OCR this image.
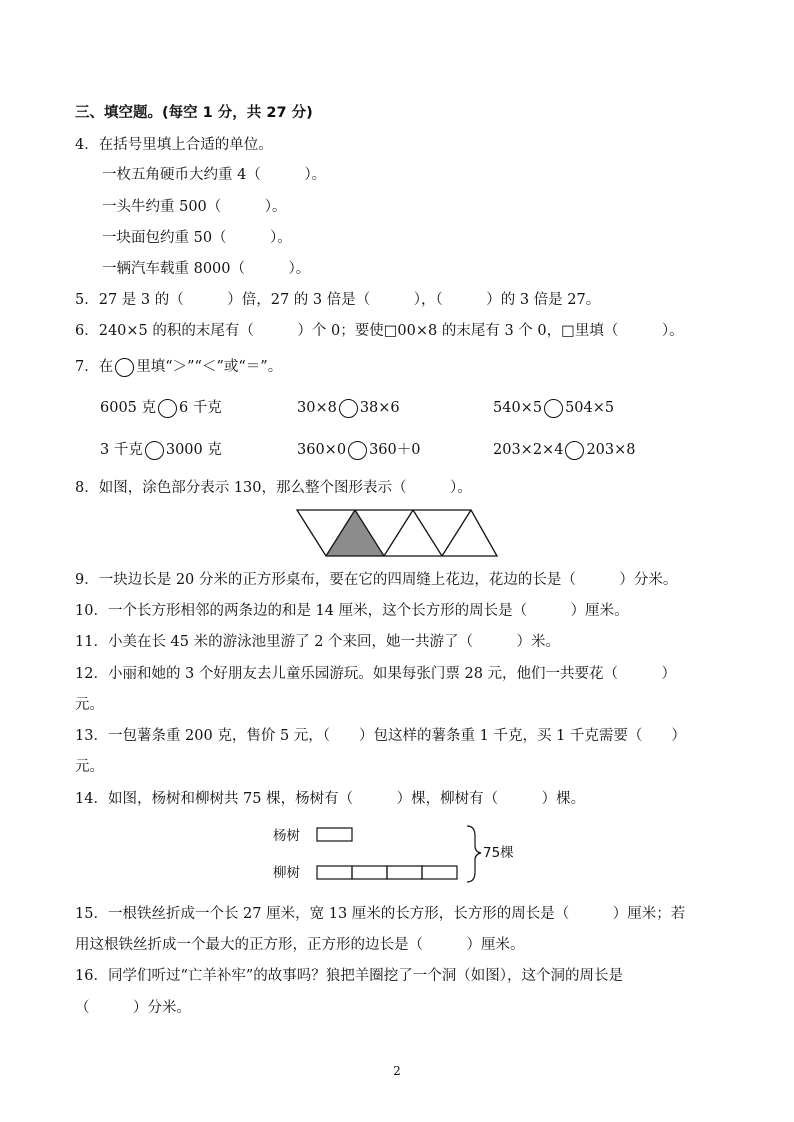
三、填空题。(每空 1 分，共 27 分)
4．在括号里填上合适的单位。
一枚五角硬币大约重 4（　　　）。
一头牛约重 500（　　　）。
一块面包约重 50（　　　）。
一辆汽车载重 8000（　　　）。
5．27 是 3 的（　　　）倍，27 的 3 倍是（　　　），（　　　）的 3 倍是 27。
6．240×5 的积的末尾有（　　　）个 0；要使□00×8 的末尾有 3 个 0，□里填（　　　）。
7．在 里填“＞”“＜”或“＝”。
6005 克 6 千克	30×8 38×6	540×5 504×5
3 千克 3000 克	360×0 360＋0	203×2×4 203×8
8．如图，涂色部分表示 130，那么整个图形表示（　　　）。
9．一块边长是 20 分米的正方形桌布，要在它的四周缝上花边，花边的长是（　　　）分米。
10．一个长方形相邻的两条边的和是 14 厘米，这个长方形的周长是（　　　）厘米。
11．小美在长 45 米的游泳池里游了 2 个来回，她一共游了（　　　）米。
12．小丽和她的 3 个好朋友去儿童乐园游玩。如果每张门票 28 元，他们一共要花（　　　）
元。
13．一包薯条重 200 克，售价 5 元，（　　）包这样的薯条重 1 千克，买 1 千克需要（　　）
元。
14．如图，杨树和柳树共 75 棵，杨树有（　　　）棵，柳树有（　　　）棵。
杨树
柳树
75棵
15．一根铁丝折成一个长 27 厘米，宽 13 厘米的长方形，长方形的周长是（　　　）厘米；若
用这根铁丝折成一个最大的正方形，正方形的边长是（　　　）厘米。
16．同学们听过“亡羊补牢”的故事吗？狼把羊圈挖了一个洞（如图），这个洞的周长是
（　　　）分米。
2
